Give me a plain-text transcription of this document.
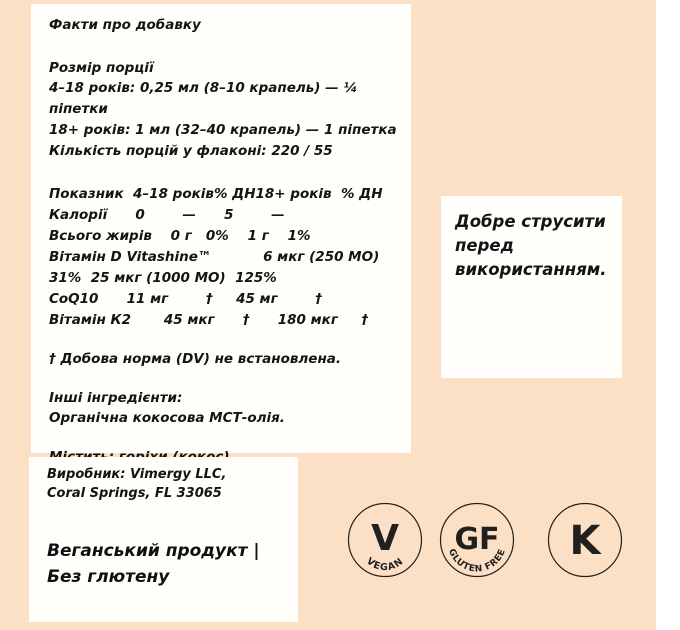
Факти про добавку

Розмір порції

4–18 років: 0,25 мл (8–10 крапель) — ¼ піпетки

18+ років: 1 мл (32–40 крапель) — 1 піпетка

Кількість порцій у флаконі: 220 / 55

Показник  4–18 років% ДН18+ років  % ДН

Калорії      0        —      5        —

Всього жирів    0 г   0%    1 г    1%

Вітамін D Vitashine™           6 мкг (250 МО) 31%  25 мкг (1000 МО)  125%

CoQ10      11 мг        †     45 мг        †

Вітамін К2       45 мкг      †      180 мкг     †

† Добова норма (DV) не встановлена.

Інші інгредієнти:

Органічна кокосова МСТ-олія.

Виробник: Vimergy LLC,

Coral Springs, FL 33065

Веганський продукт |

Без глютену

Добре струсити

перед

використанням.

V
VEGAN
GF
GLUTEN FREE K
